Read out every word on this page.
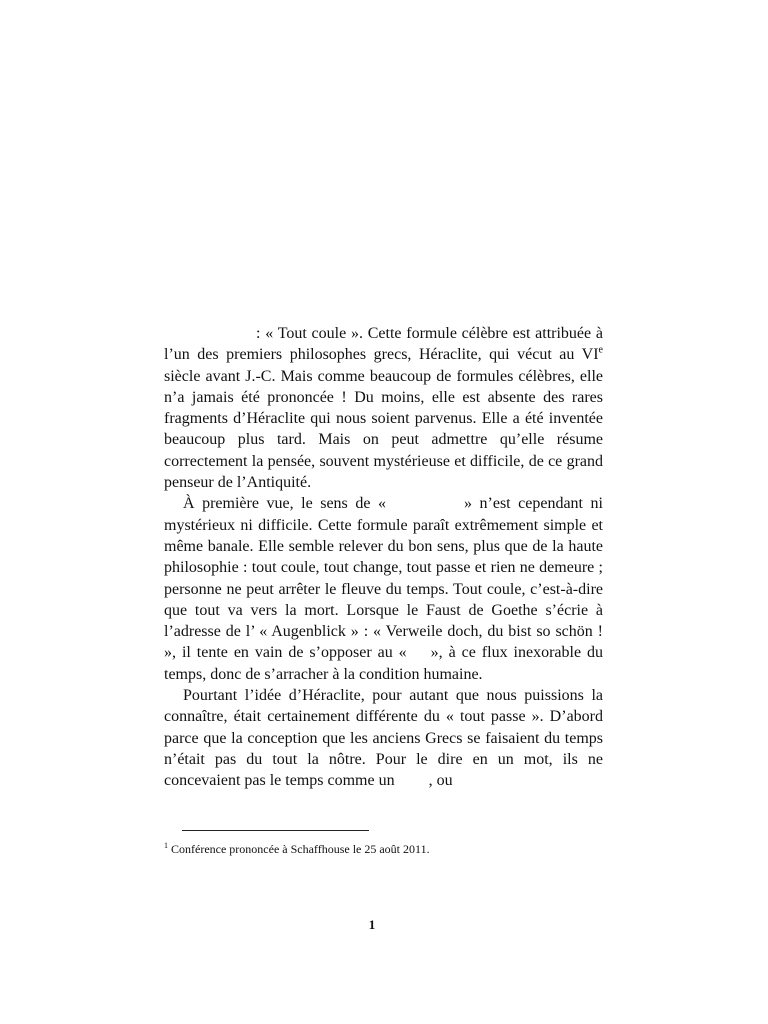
: « Tout coule ». Cette formule célèbre est attribuée à l’un des premiers philosophes grecs, Héraclite, qui vécut au VIe siècle avant J.-C. Mais comme beaucoup de formules célèbres, elle n’a jamais été prononcée ! Du moins, elle est absente des rares fragments d’Héraclite qui nous soient parvenus. Elle a été inventée beaucoup plus tard. Mais on peut admettre qu’elle résume correctement la pensée, souvent mystérieuse et difficile, de ce grand penseur de l’Antiquité.

À première vue, le sens de «	» n’est cependant ni mystérieux ni difficile. Cette formule paraît extrêmement simple et même banale. Elle semble relever du bon sens, plus que de la haute philosophie : tout coule, tout change, tout passe et rien ne demeure ; personne ne peut arrêter le fleuve du temps. Tout coule, c’est-à-dire que tout va vers la mort. Lorsque le Faust de Goethe s’écrie à l’adresse de l’ « Augenblick » : « Verweile doch, du bist so schön ! », il tente en vain de s’opposer au « », à ce flux inexorable du temps, donc de s’arracher à la condition humaine.

Pourtant l’idée d’Héraclite, pour autant que nous puissions la connaître, était certainement différente du « tout passe ». D’abord parce que la conception que les anciens Grecs se faisaient du temps n’était pas du tout la nôtre. Pour le dire en un mot, ils ne concevaient pas le temps comme un , ou

$^1$ Conférence prononcée à Schaffhouse le 25 août 2011.
1
